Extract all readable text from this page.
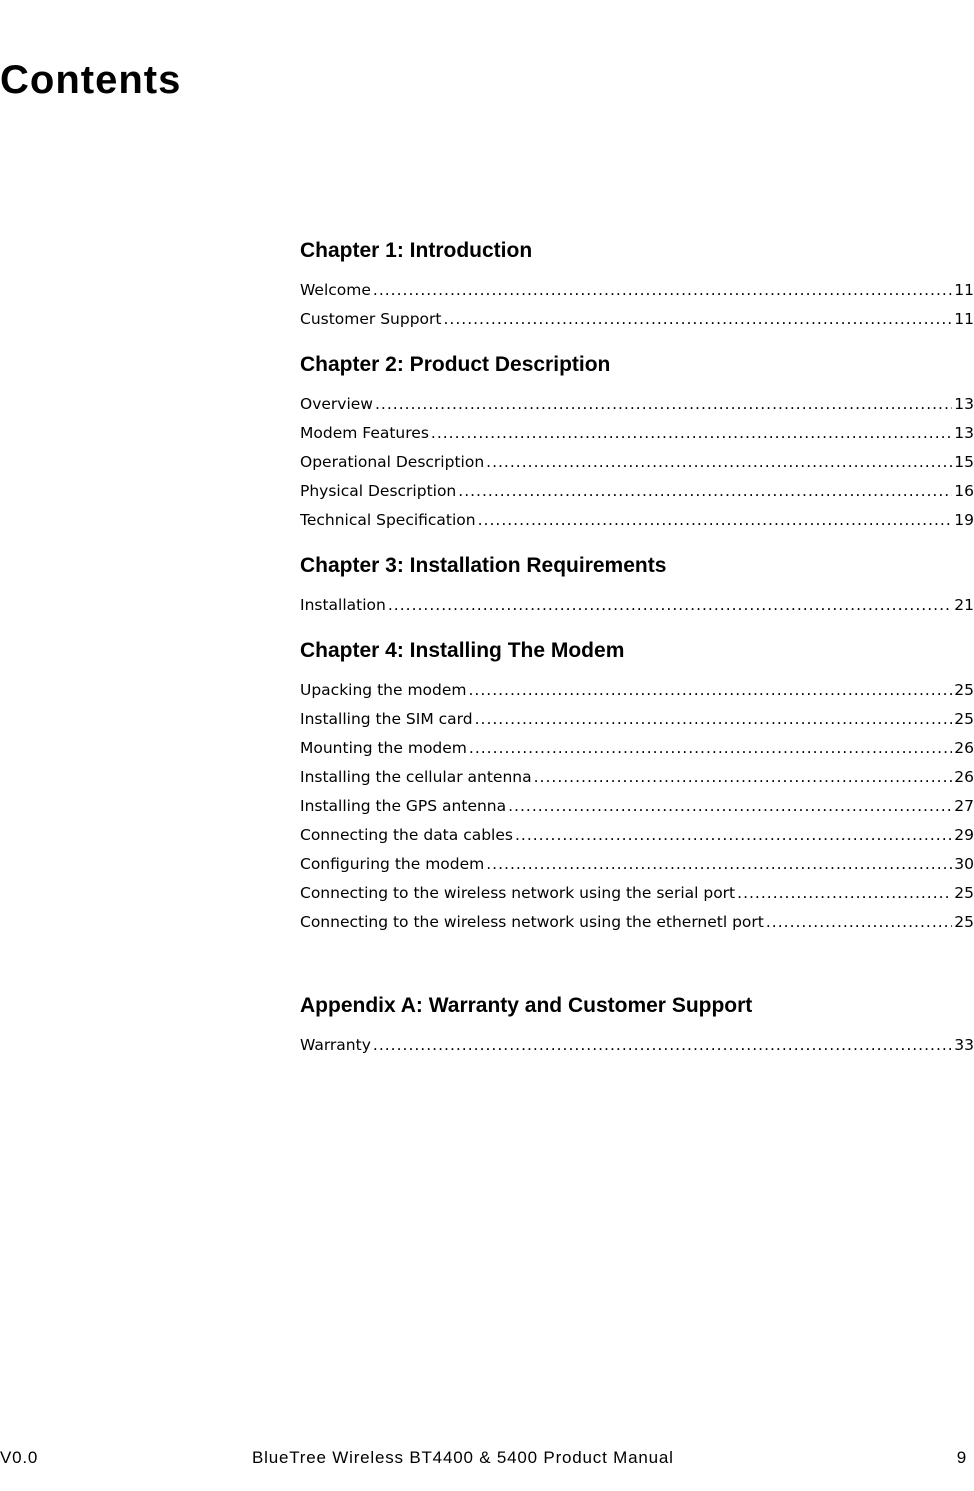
Contents
Chapter 1: Introduction
Welcome .....	11
Customer Support .....	11
Chapter 2: Product Description
Overview .....	13
Modem Features .....	13
Operational Description .....	15
Physical Description .....	16
Technical Specification .....	19
Chapter 3: Installation Requirements
Installation .....	21
Chapter 4: Installing The Modem
Upacking the modem .....	25
Installing the SIM card .....	25
Mounting the modem .....	26
Installing the cellular antenna .....	26
Installing the GPS antenna .....	27
Connecting the data cables .....	29
Configuring the modem .....	30
Connecting to the wireless network using the serial port .....	25
Connecting to the wireless network using the ethernetl port .....	25
Appendix A: Warranty and Customer Support
Warranty .....	33
V0.0	BlueTree Wireless BT4400 & 5400 Product Manual	9
